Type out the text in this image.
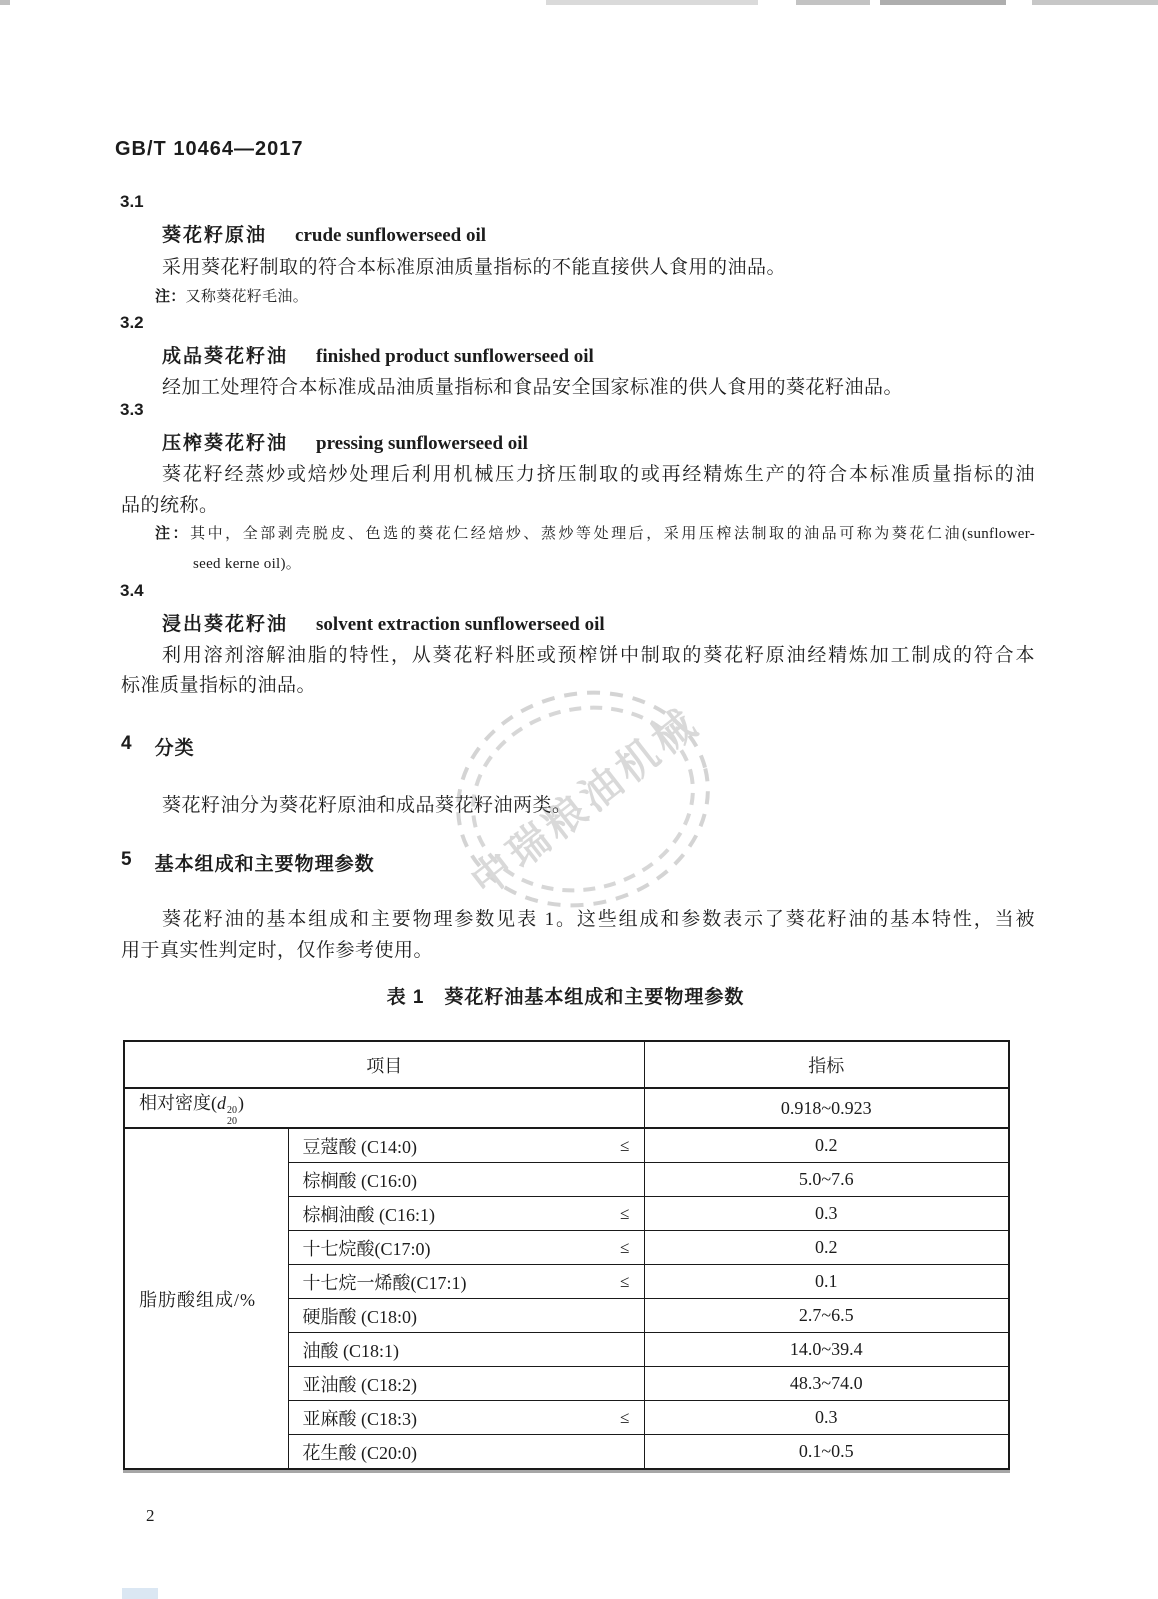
中瑞粮油机械
GB/T 10464—2017
3.1
葵花籽原油 crude sunflowerseed oil
采用葵花籽制取的符合本标准原油质量指标的不能直接供人食用的油品。
注：又称葵花籽毛油。
3.2
成品葵花籽油 finished product sunflowerseed oil
经加工处理符合本标准成品油质量指标和食品安全国家标准的供人食用的葵花籽油品。
3.3
压榨葵花籽油 pressing sunflowerseed oil
葵花籽经蒸炒或焙炒处理后利用机械压力挤压制取的或再经精炼生产的符合本标准质量指标的油
品的统称。
注：其中，全部剥壳脱皮、色选的葵花仁经焙炒、蒸炒等处理后，采用压榨法制取的油品可称为葵花仁油(sunflower-
seed kerne oil)。
3.4
浸出葵花籽油 solvent extraction sunflowerseed oil
利用溶剂溶解油脂的特性，从葵花籽料胚或预榨饼中制取的葵花籽原油经精炼加工制成的符合本
标准质量指标的油品。
4 分类
葵花籽油分为葵花籽原油和成品葵花籽油两类。
5 基本组成和主要物理参数
葵花籽油的基本组成和主要物理参数见表 1。这些组成和参数表示了葵花籽油的基本特性，当被
用于真实性判定时，仅作参考使用。
表 1　葵花籽油基本组成和主要物理参数
项目		指标
相对密度(d 20
20
)		0.918~0.923
脂肪酸组成/%	豆蔻酸 (C14:0) ≤	0.2

	棕榈酸 (C16:0)	5.0~7.6

	棕榈油酸 (C16:1) ≤	0.3

	十七烷酸(C17:0) ≤	0.2

	十七烷一烯酸(C17:1) ≤	0.1

	硬脂酸 (C18:0)	2.7~6.5

	油酸 (C18:1)	14.0~39.4

	亚油酸 (C18:2)	48.3~74.0

	亚麻酸 (C18:3) ≤	0.3

	花生酸 (C20:0)	0.1~0.5
2
